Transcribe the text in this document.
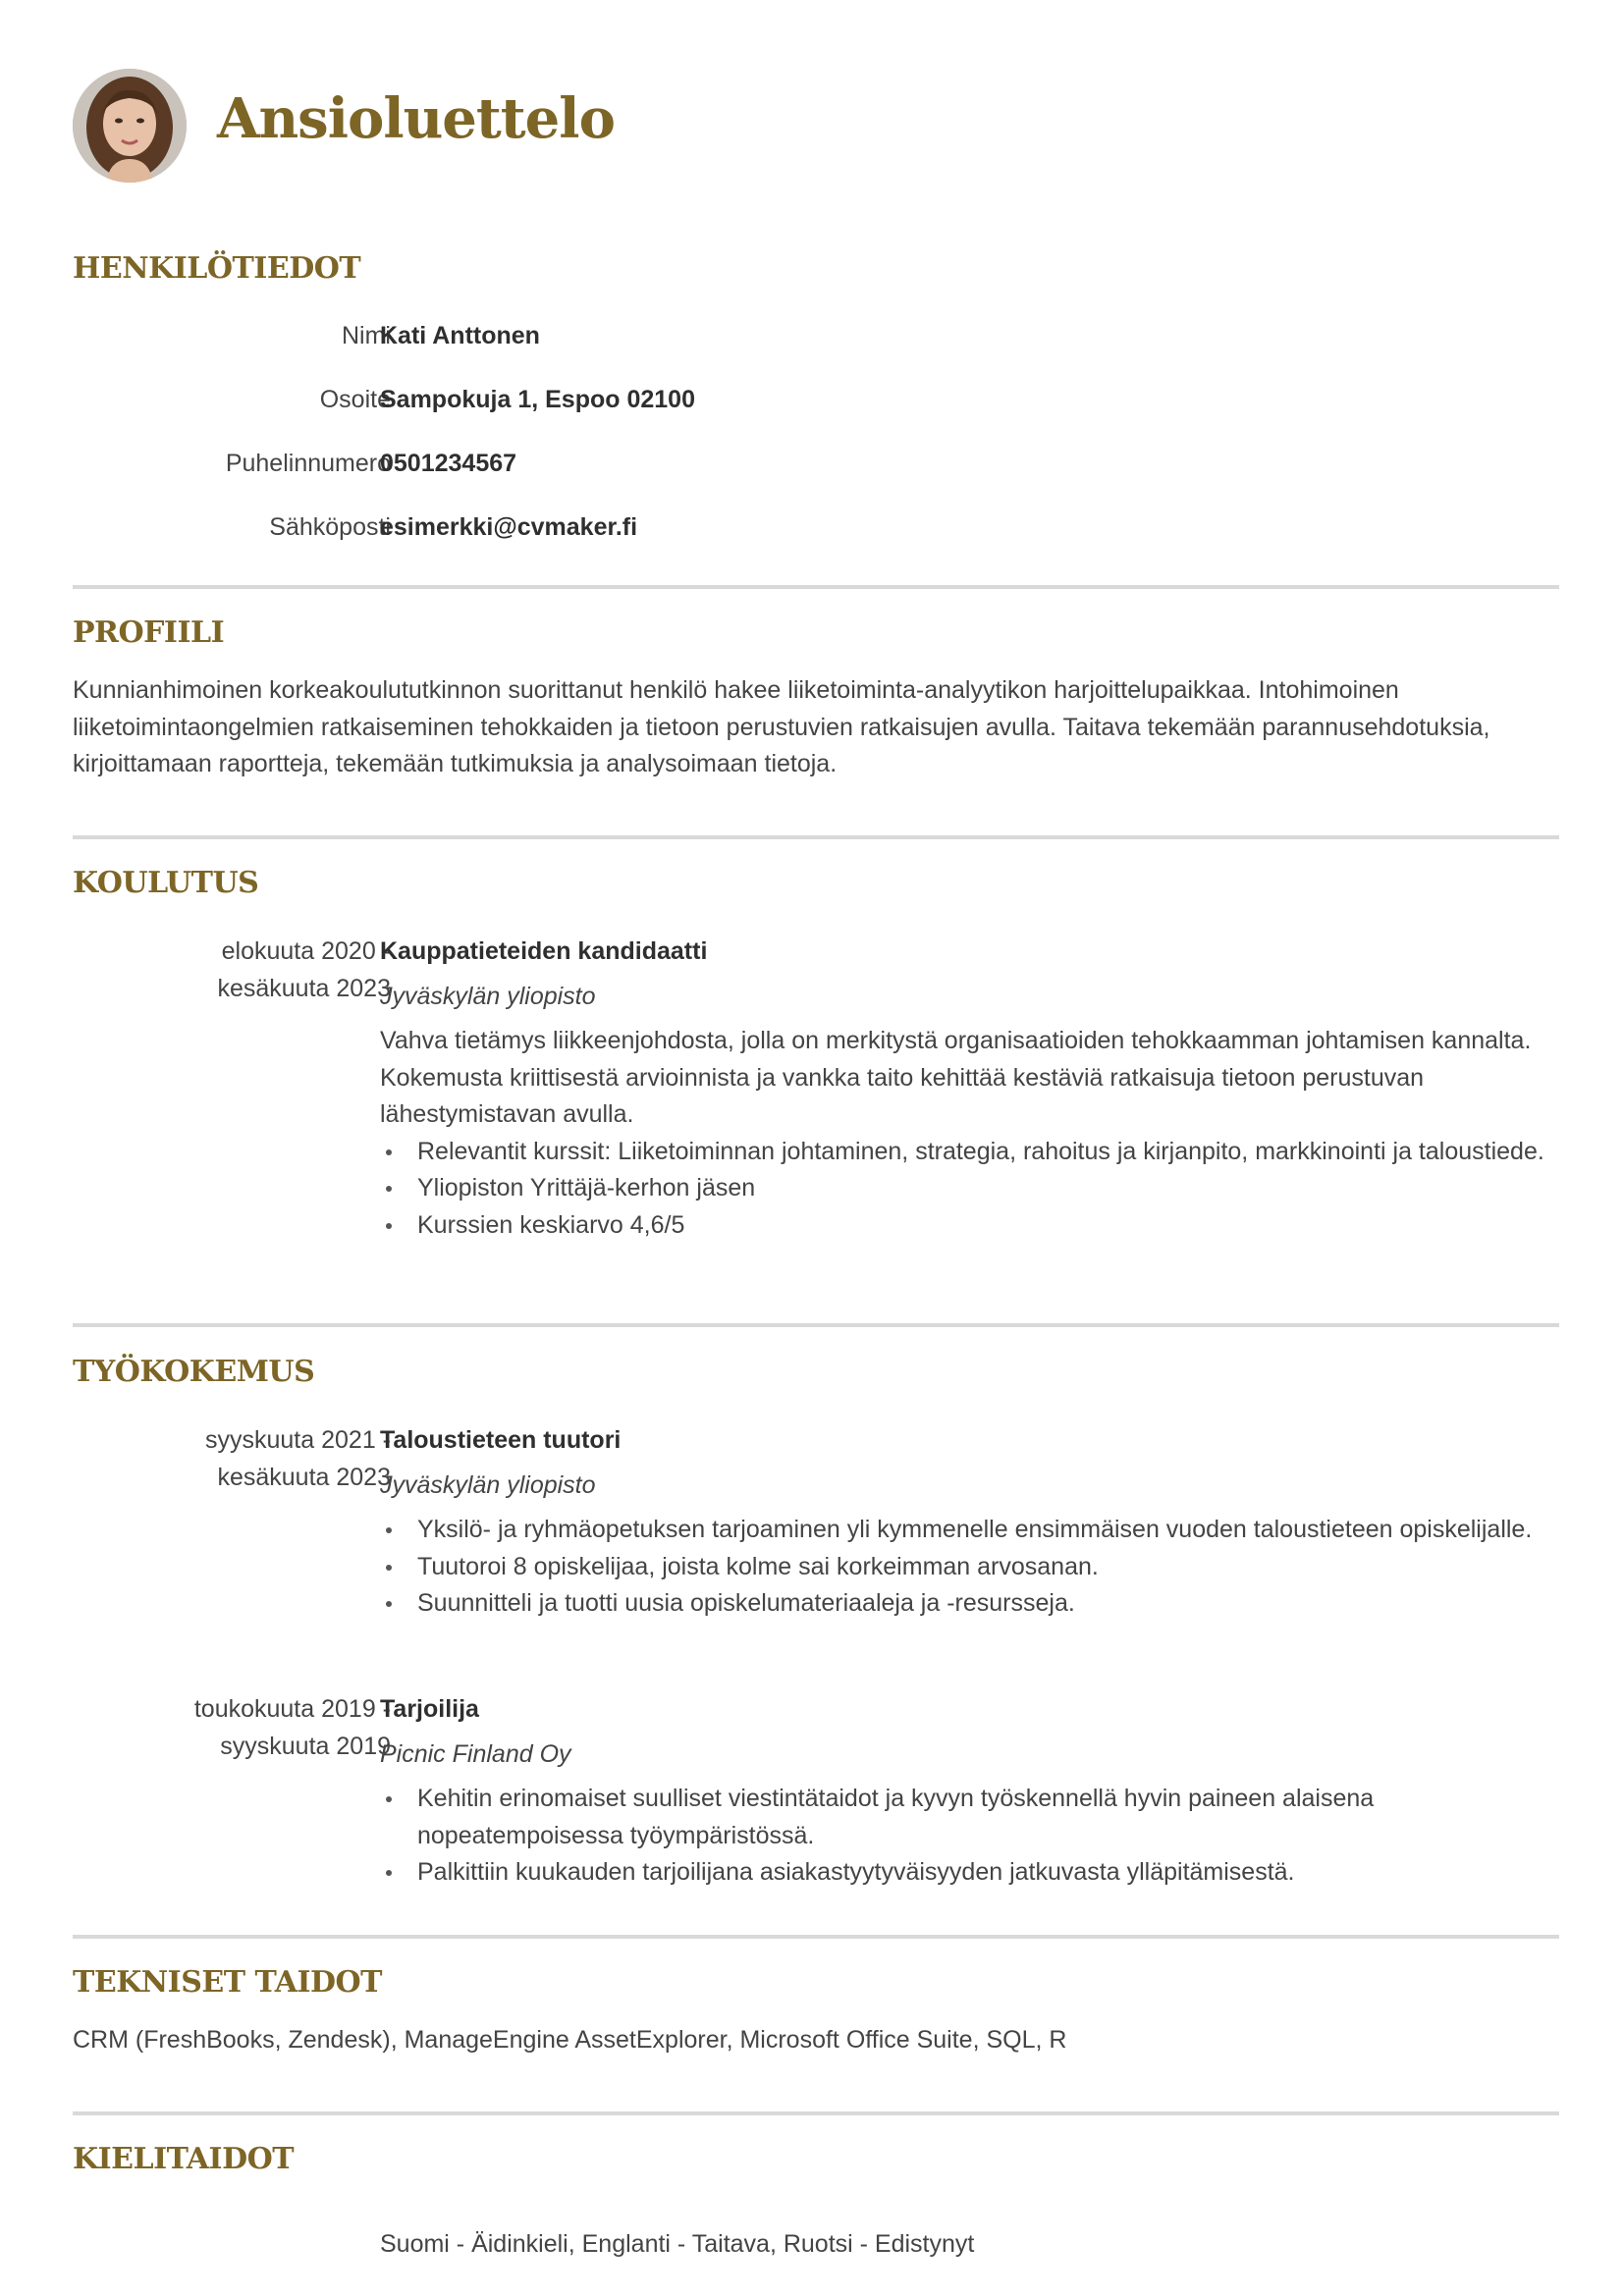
Ansioluettelo
HENKILÖTIEDOT
Nimi
Kati Anttonen
Osoite
Sampokuja 1, Espoo 02100
Puhelinnumero
0501234567
Sähköposti
esimerkki@cvmaker.fi
PROFIILI

Kunnianhimoinen korkeakoulututkinnon suorittanut henkilö hakee liiketoiminta-analyytikon harjoittelupaikkaa. Intohimoinen liiketoimintaongelmien ratkaiseminen tehokkaiden ja tietoon perustuvien ratkaisujen avulla. Taitava tekemään parannusehdotuksia, kirjoittamaan raportteja, tekemään tutkimuksia ja analysoimaan tietoja.

KOULUTUS
elokuuta 2020 -
kesäkuuta 2023
Kauppatieteiden kandidaatti
Jyväskylän yliopisto
Vahva tietämys liikkeenjohdosta, jolla on merkitystä organisaatioiden tehokkaamman johtamisen kannalta. Kokemusta kriittisestä arvioinnista ja vankka taito kehittää kestäviä ratkaisuja tietoon perustuvan lähestymistavan avulla.
Relevantit kurssit: Liiketoiminnan johtaminen, strategia, rahoitus ja kirjanpito, markkinointi ja taloustiede.
Yliopiston Yrittäjä-kerhon jäsen
Kurssien keskiarvo 4,6/5
TYÖKOKEMUS
syyskuuta 2021 -
kesäkuuta 2023
Taloustieteen tuutori
Jyväskylän yliopisto
Yksilö- ja ryhmäopetuksen tarjoaminen yli kymmenelle ensimmäisen vuoden taloustieteen opiskelijalle.
Tuutoroi 8 opiskelijaa, joista kolme sai korkeimman arvosanan.
Suunnitteli ja tuotti uusia opiskelumateriaaleja ja -resursseja.
toukokuuta 2019 -
syyskuuta 2019
Tarjoilija
Picnic Finland Oy
Kehitin erinomaiset suulliset viestintätaidot ja kyvyn työskennellä hyvin paineen alaisena nopeatempoisessa työympäristössä.
Palkittiin kuukauden tarjoilijana asiakastyytyväisyyden jatkuvasta ylläpitämisestä.
TEKNISET TAIDOT

CRM (FreshBooks, Zendesk), ManageEngine AssetExplorer, Microsoft Office Suite, SQL, R

KIELITAIDOT
Suomi - Äidinkieli, Englanti - Taitava, Ruotsi - Edistynyt
